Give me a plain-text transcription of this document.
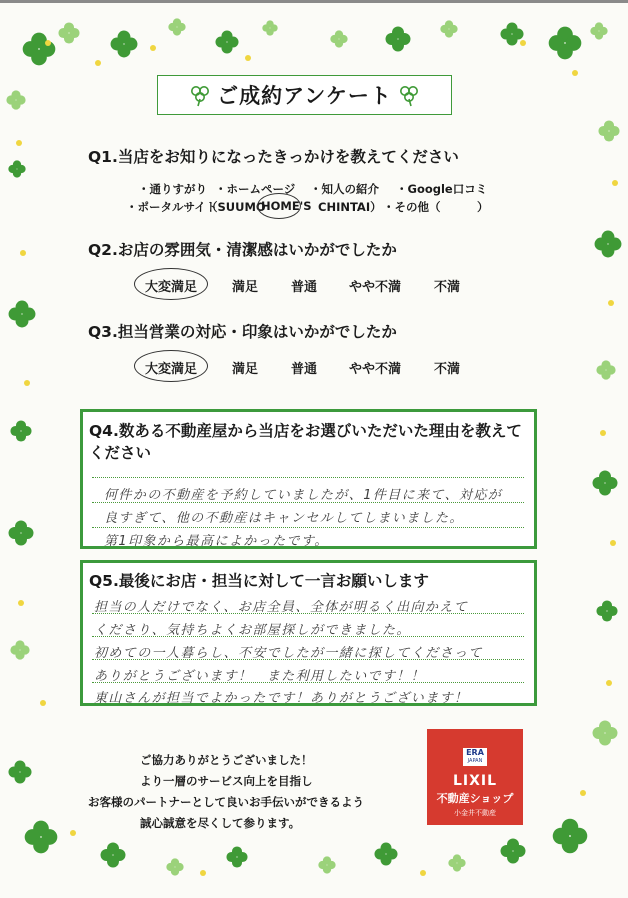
ご成約アンケート
Q1.当店をお知りになったきっかけを教えてください
・通りすがり ・ホームページ ・知人の紹介 ・Google口コミ
・ポータルサイト
（SUUMO
HOME'S CHINTAI） ・その他（	）
Q2.お店の雰囲気・清潔感はいかがでしたか
大変満足	満足	普通 やや不満	不満
Q3.担当営業の対応・印象はいかがでしたか
大変満足	満足	普通 やや不満	不満
Q4.数ある不動産屋から当店をお選びいただいた理由を教えて
ください
何件かの不動産を予約していましたが、1件目に来て、対応が
良すぎて、他の不動産はキャンセルしてしまいました。
第1印象から最高によかったです。
Q5.最後にお店・担当に対して一言お願いします
担当の人だけでなく、お店全員、全体が明るく出向かえて
くださり、気持ちよくお部屋探しができました。
初めての一人暮らし、不安でしたが一緒に探してくださって
ありがとうございます！　また利用したいです！！
東山さんが担当でよかったです！ありがとうございます！
ご協力ありがとうございました！
より一層のサービス向上を目指し
お客様のパートナーとして良いお手伝いができるよう
誠心誠意を尽くして参ります。
ERA
JAPAN
LIXIL
不動産ショップ
小金井不動産
